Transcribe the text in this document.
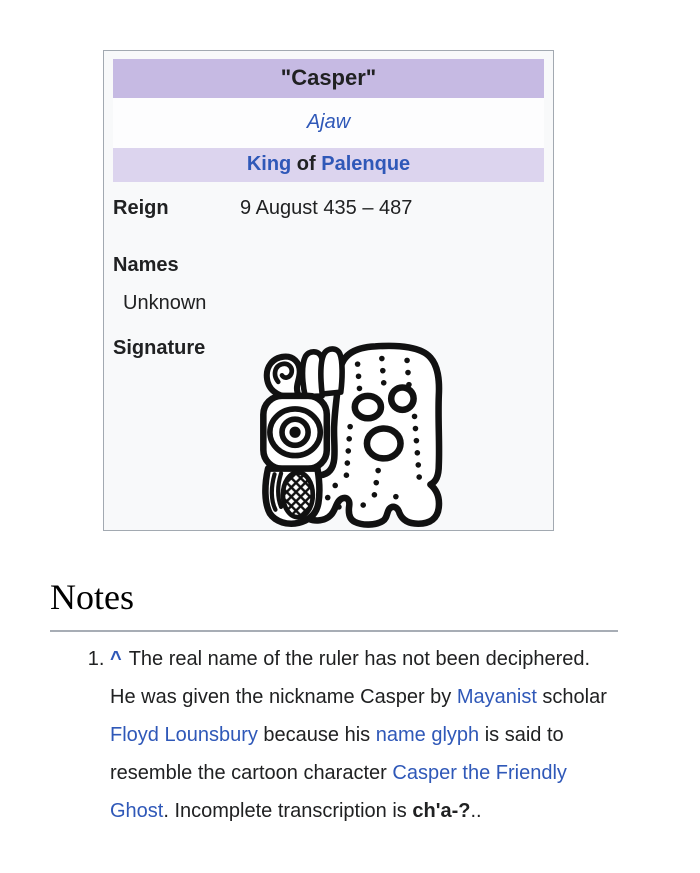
"Casper"
Ajaw
King of Palenque
Reign	9 August 435 – 487
Names
Unknown
Signature
Notes
1. ^ The real name of the ruler has not been deciphered. He was given the nickname Casper by Mayanist scholar Floyd Lounsbury because his name glyph is said to resemble the cartoon character Casper the Friendly Ghost. Incomplete transcription is ch'a-?..
